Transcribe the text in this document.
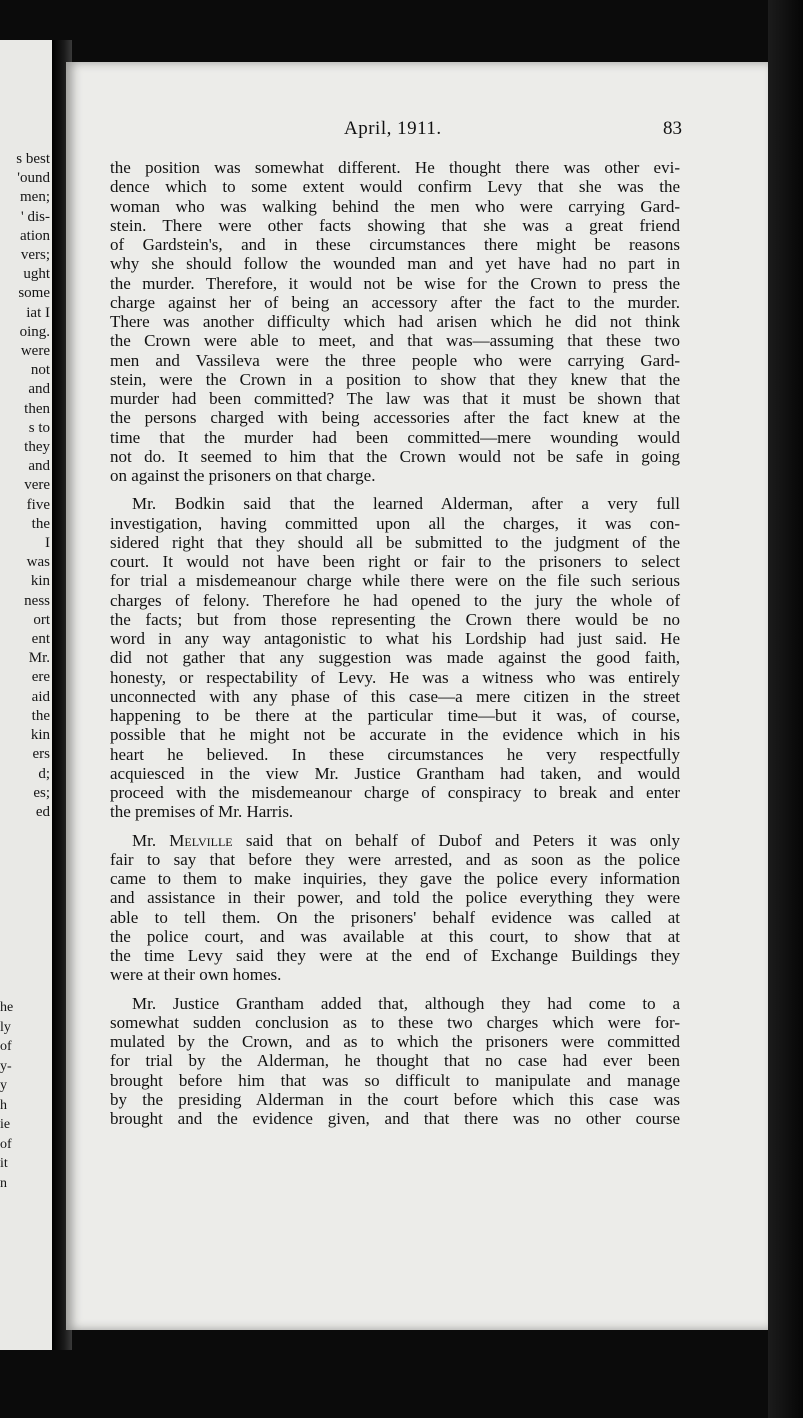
s best
'ound
men;
' dis-
ation
vers;
ught
some
iat I
oing.
were
not
and
then
s to
they
and
vere
five
the
I
was
kin
ness
ort
ent
Mr.
ere
aid
the
kin
ers
d;
es;
ed
he
ly
of
y-
y
h
ie
of
it
n
April, 1911.	83

the position was somewhat different. He thought there was other evi-
dence which to some extent would confirm Levy that she was the
woman who was walking behind the men who were carrying Gard-
stein. There were other facts showing that she was a great friend
of Gardstein's, and in these circumstances there might be reasons
why she should follow the wounded man and yet have had no part in
the murder. Therefore, it would not be wise for the Crown to press the
charge against her of being an accessory after the fact to the murder.
There was another difficulty which had arisen which he did not think
the Crown were able to meet, and that was—assuming that these two
men and Vassileva were the three people who were carrying Gard-
stein, were the Crown in a position to show that they knew that the
murder had been committed? The law was that it must be shown that
the persons charged with being accessories after the fact knew at the
time that the murder had been committed—mere wounding would
not do. It seemed to him that the Crown would not be safe in going
on against the prisoners on that charge.

Mr. Bodkin said that the learned Alderman, after a very full
investigation, having committed upon all the charges, it was con-
sidered right that they should all be submitted to the judgment of the
court. It would not have been right or fair to the prisoners to select
for trial a misdemeanour charge while there were on the file such serious
charges of felony. Therefore he had opened to the jury the whole of
the facts; but from those representing the Crown there would be no
word in any way antagonistic to what his Lordship had just said. He
did not gather that any suggestion was made against the good faith,
honesty, or respectability of Levy. He was a witness who was entirely
unconnected with any phase of this case—a mere citizen in the street
happening to be there at the particular time—but it was, of course,
possible that he might not be accurate in the evidence which in his
heart he believed. In these circumstances he very respectfully
acquiesced in the view Mr. Justice Grantham had taken, and would
proceed with the misdemeanour charge of conspiracy to break and enter
the premises of Mr. Harris.

Mr. Melville said that on behalf of Dubof and Peters it was only
fair to say that before they were arrested, and as soon as the police
came to them to make inquiries, they gave the police every information
and assistance in their power, and told the police everything they were
able to tell them. On the prisoners' behalf evidence was called at
the police court, and was available at this court, to show that at
the time Levy said they were at the end of Exchange Buildings they
were at their own homes.

Mr. Justice Grantham added that, although they had come to a
somewhat sudden conclusion as to these two charges which were for-
mulated by the Crown, and as to which the prisoners were committed
for trial by the Alderman, he thought that no case had ever been
brought before him that was so difficult to manipulate and manage
by the presiding Alderman in the court before which this case was
brought and the evidence given, and that there was no other course
